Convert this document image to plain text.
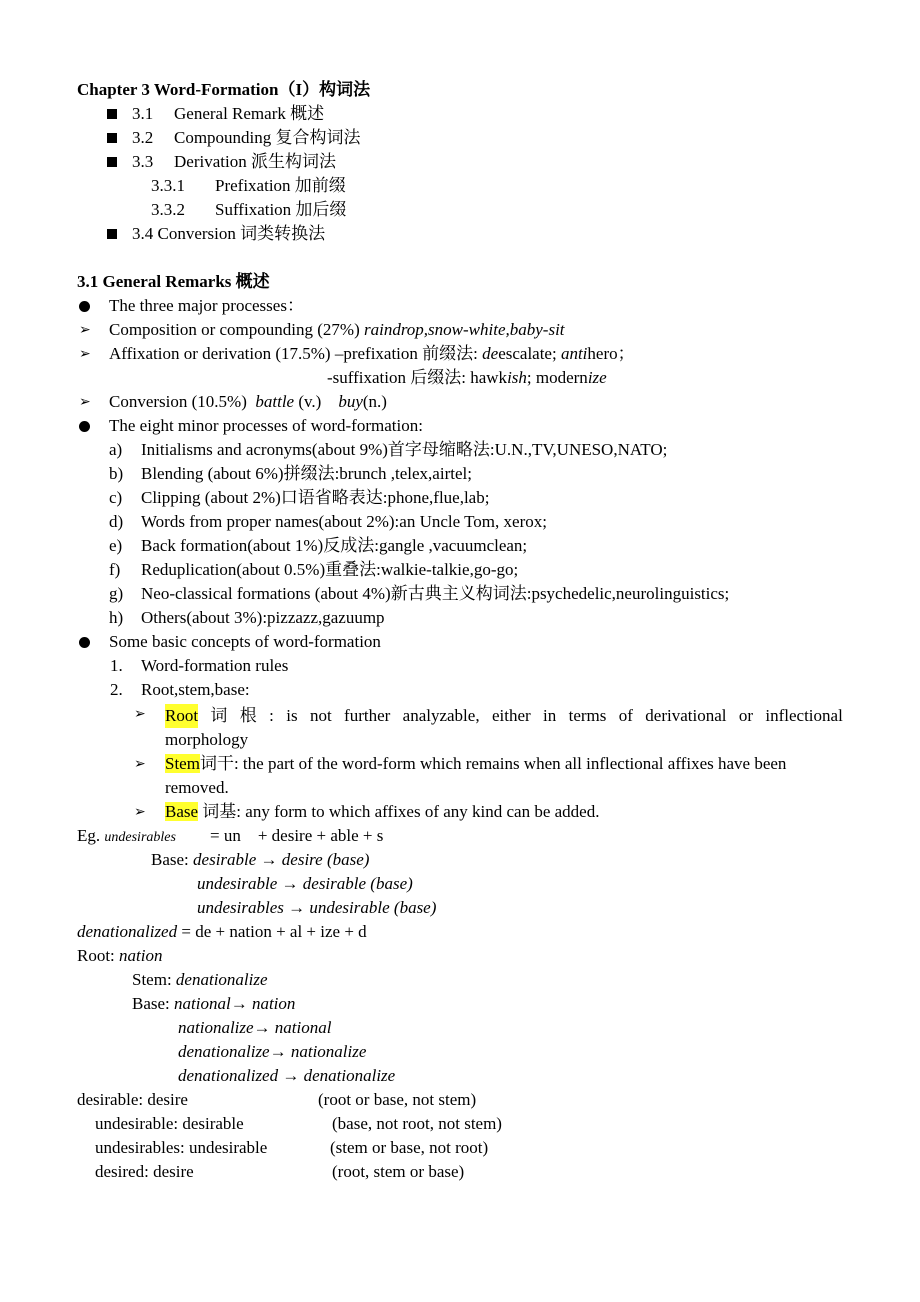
Chapter 3 Word-Formation（I）构词法
3.1 General Remark 概述
3.2 Compounding 复合构词法
3.3 Derivation 派生构词法
3.3.1 Prefixation 加前缀
3.3.2 Suffixation 加后缀
3.4 Conversion 词类转换法
3.1 General Remarks 概述
The three major processes：
➢ Composition or compounding (27%) raindrop,snow-white,baby-sit
➢ Affixation or derivation (17.5%) –prefixation 前缀法: deescalate; antihero；
-suffixation 后缀法: hawkish; modernize
➢ Conversion (10.5%)  battle (v.)    buy(n.)
The eight minor processes of word-formation:
a) Initialisms and acronyms(about 9%)首字母缩略法:U.N.,TV,UNESO,NATO;
b) Blending (about 6%)拼缀法:brunch ,telex,airtel;
c) Clipping (about 2%)口语省略表达:phone,flue,lab;
d) Words from proper names(about 2%):an Uncle Tom, xerox;
e) Back formation(about 1%)反成法:gangle ,vacuumclean;
f) Reduplication(about 0.5%)重叠法:walkie-talkie,go-go;
g) Neo-classical formations (about 4%)新古典主义构词法:psychedelic,neurolinguistics;
h) Others(about 3%):pizzazz,gazuump
Some basic concepts of word-formation
1. Word-formation rules
2. Root,stem,base:
➢ Root 词 根 : is not further analyzable, either in terms of derivational or inflectional
morphology
➢ Stem词干: the part of the word-form which remains when all inflectional affixes have been
removed.
➢ Base 词基: any form to which affixes of any kind can be added.
Eg. undesirables = un    + desire + able + s
Base: desirable → desire (base)
undesirable → desirable (base)
undesirables → undesirable (base)
denationalized = de + nation + al + ize + d
Root: nation
Stem: denationalize
Base: national→ nation
nationalize→ national
denationalize→ nationalize
denationalized → denationalize
desirable: desire	(root or base, not stem)
undesirable: desirable	(base, not root, not stem)
undesirables: undesirable	(stem or base, not root)
desired: desire	(root, stem or base)
